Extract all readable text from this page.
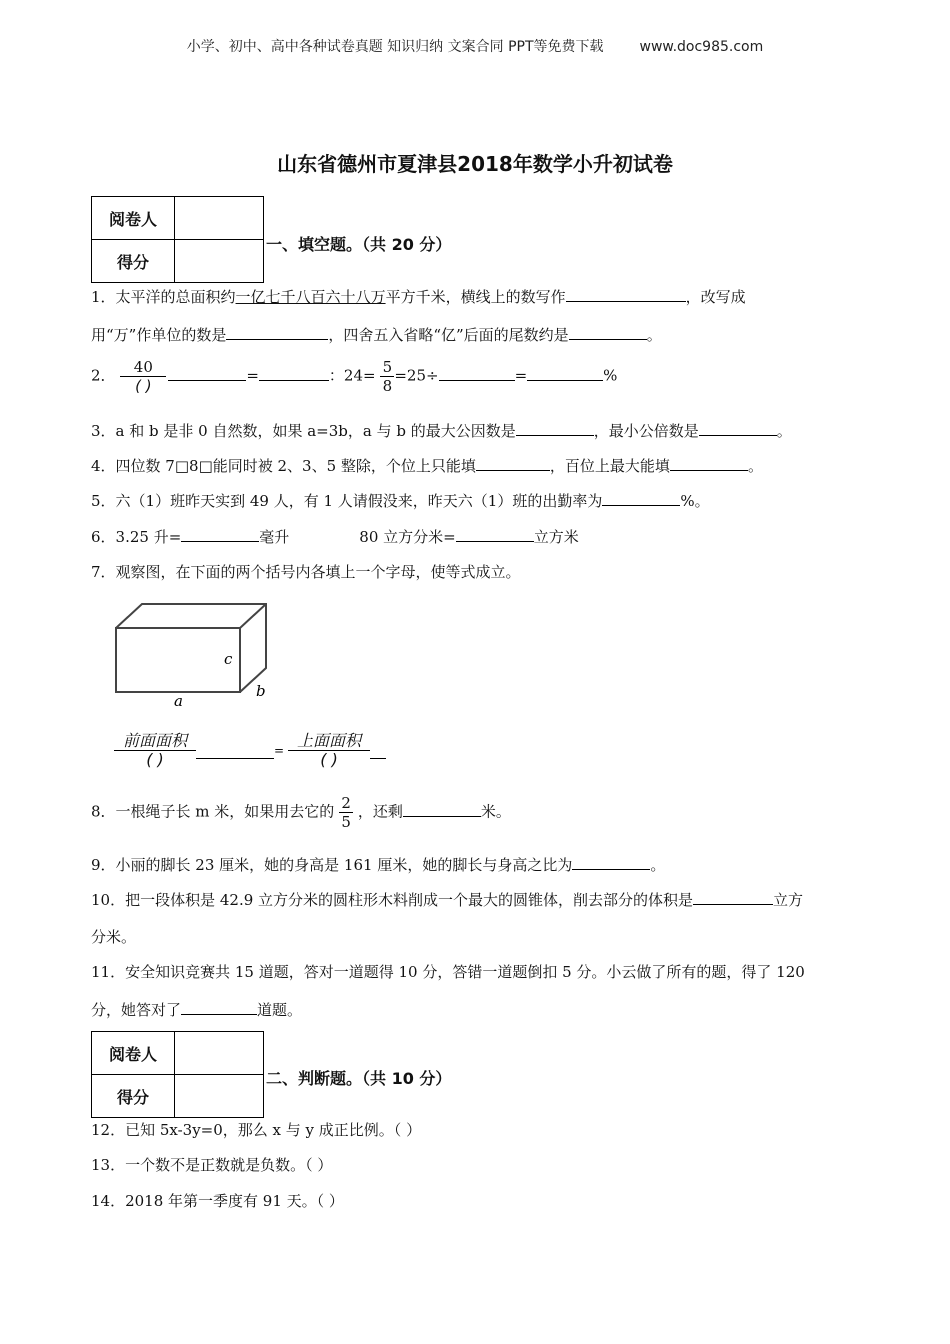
小学、初中、高中各种试卷真题 知识归纳 文案合同 PPT等免费下载	www.doc985.com
山东省德州市夏津县2018年数学小升初试卷
阅卷人	
得分	
一、填空题。（共 20 分）
1．太平洋的总面积约一亿七千八百六十八万平方千米，横线上的数写作	，改写成
用“万”作单位的数是	，四舍五入省略“亿”后面的尾数约是	。
2． $\frac{40}{( )}$	=	：$24= \frac{5}{8} =25\div$	=	%
3．a 和 b 是非 0 自然数，如果 a=3b，a 与 b 的最大公因数是	，最小公倍数是	。
4．四位数 7□8□能同时被 2、3、5 整除，个位上只能填	，百位上最大能填	。
5．六（1）班昨天实到 49 人，有 1 人请假没来，昨天六（1）班的出勤率为	%。
6．3.25 升=	毫升	80 立方分米=	立方米
7．观察图，在下面的两个括号内各填上一个字母，使等式成立。
c
b
a
$\frac{\text{前面面积}}{( )}$	= $\frac{\text{上面面积}}{( )}$
8．一根绳子长 m 米，如果用去它的 $\frac{2}{5}$ ，还剩	米。
9．小丽的脚长 23 厘米，她的身高是 161 厘米，她的脚长与身高之比为	。
10．把一段体积是 42.9 立方分米的圆柱形木料削成一个最大的圆锥体，削去部分的体积是	立方
分米。
11．安全知识竞赛共 15 道题，答对一道题得 10 分，答错一道题倒扣 5 分。小云做了所有的题，得了 120
分，她答对了	道题。
阅卷人	
得分	
二、判断题。（共 10 分）
12．已知 5x-3y=0，那么 x 与 y 成正比例。（ ）
13．一个数不是正数就是负数。（ ）
14．2018 年第一季度有 91 天。（ ）
